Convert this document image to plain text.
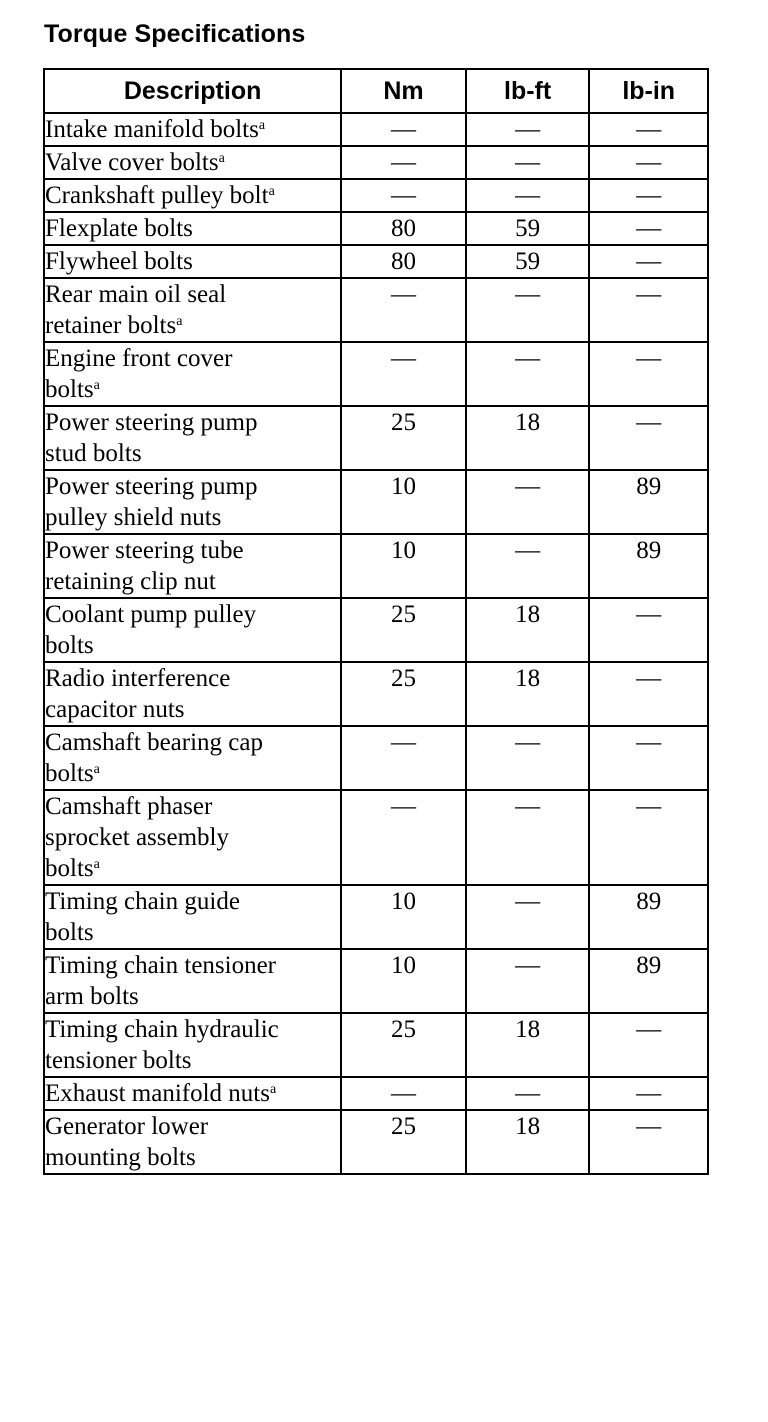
Torque Specifications
Description	Nm	lb-ft	lb-in
Intake manifold bolts$^a$	—	—	—
Valve cover bolts$^a$	—	—	—
Crankshaft pulley bolt$^a$	—	—	—
Flexplate bolts	80	59	—
Flywheel bolts	80	59	—
Rear main oil seal
retainer bolts$^a$	—	—	—
Engine front cover
bolts$^a$	—	—	—
Power steering pump
stud bolts	25	18	—
Power steering pump
pulley shield nuts	10	—	89
Power steering tube
retaining clip nut	10	—	89
Coolant pump pulley
bolts	25	18	—
Radio interference
capacitor nuts	25	18	—
Camshaft bearing cap
bolts$^a$	—	—	—
Camshaft phaser
sprocket assembly
bolts$^a$	—	—	—
Timing chain guide
bolts	10	—	89
Timing chain tensioner
arm bolts	10	—	89
Timing chain hydraulic
tensioner bolts	25	18	—
Exhaust manifold nuts$^a$	—	—	—
Generator lower
mounting bolts	25	18	—
